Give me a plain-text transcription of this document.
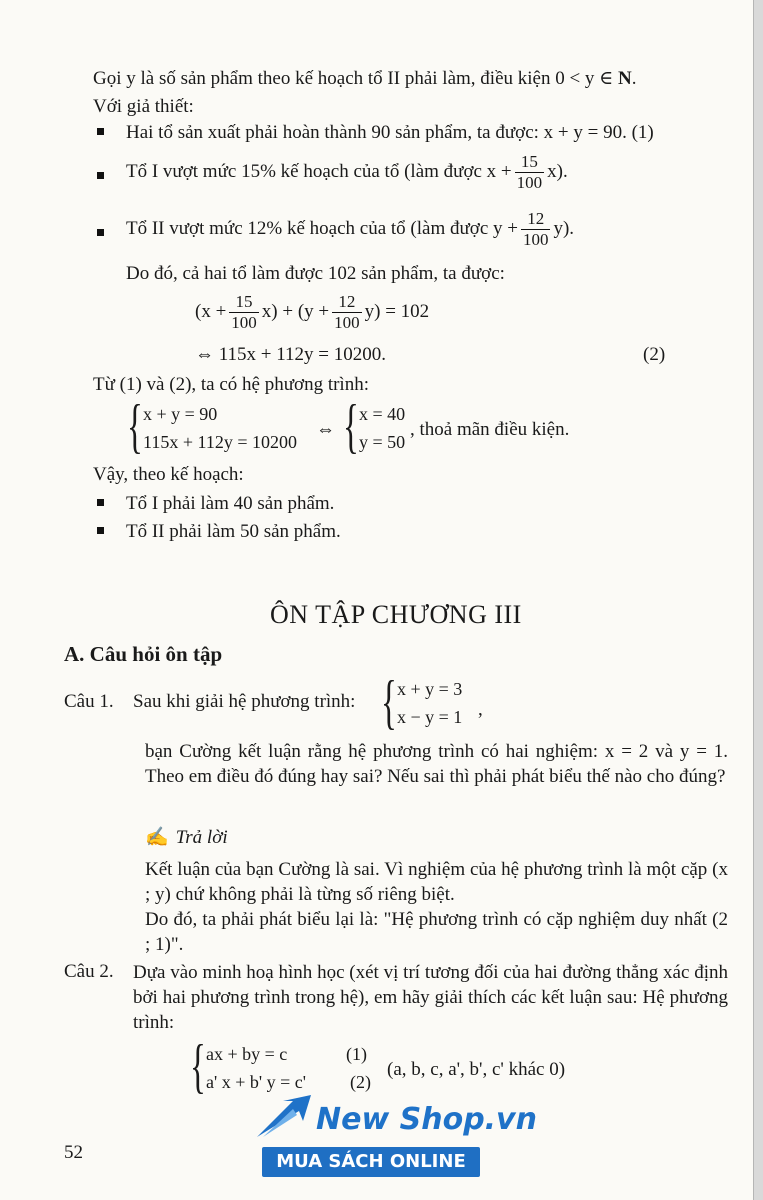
Gọi y là số sản phẩm theo kế hoạch tổ II phải làm, điều kiện 0 < y ∈ N.
Với giả thiết:
Hai tổ sản xuất phải hoàn thành 90 sản phẩm, ta được: x + y = 90. (1)
Tổ I vượt mức 15% kế hoạch của tổ (làm được $x + \frac{15}{100} x$).
Tổ II vượt mức 12% kế hoạch của tổ (làm được $y + \frac{12}{100} y$).
Do đó, cả hai tổ làm được 102 sản phẩm, ta được:
$(x + \frac{15}{100} x) + (y + \frac{12}{100} y) = 102$
⇔ 115x + 112y = 10200.	(2)
Từ (1) và (2), ta có hệ phương trình:
{ x + y = 90
115x + 112y = 10200
⇔ { x = 40
y = 50
, thoả mãn điều kiện.
Vậy, theo kế hoạch:
Tổ I phải làm 40 sản phẩm.
Tổ II phải làm 50 sản phẩm.
ÔN TẬP CHƯƠNG III
A. Câu hỏi ôn tập
Câu 1. Sau khi giải hệ phương trình: { x + y = 3
x − y = 1 ,
bạn Cường kết luận rằng hệ phương trình có hai nghiệm: x = 2 và y = 1. Theo em điều đó đúng hay sai? Nếu sai thì phải phát biểu thế nào cho đúng?
✍ Trả lời
Kết luận của bạn Cường là sai. Vì nghiệm của hệ phương trình là một cặp (x ; y) chứ không phải là từng số riêng biệt.
Do đó, ta phải phát biểu lại là: "Hệ phương trình có cặp nghiệm duy nhất (2 ; 1)".
Câu 2. Dựa vào minh hoạ hình học (xét vị trí tương đối của hai đường thẳng xác định bởi hai phương trình trong hệ), em hãy giải thích các kết luận sau: Hệ phương trình:
{ ax + by = c	(1)
a' x + b' y = c' (2)
(a, b, c, a', b', c' khác 0)
52
New Shop.vn
MUA SÁCH ONLINE
